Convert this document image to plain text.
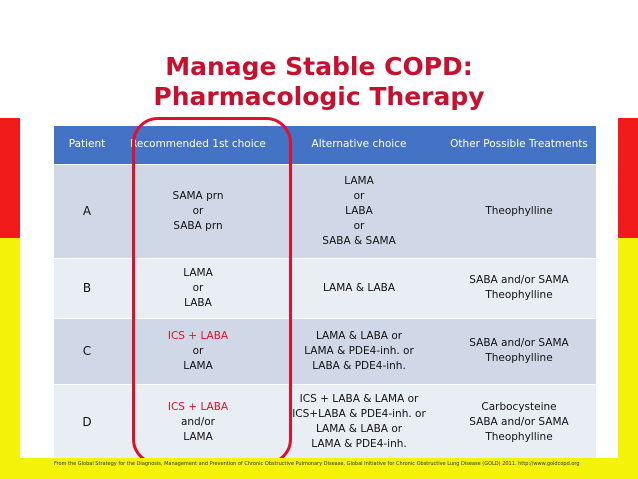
Manage Stable COPD: Pharmacologic Therapy
Patient	Recommended 1st choice	Alternative choice	Other Possible Treatments
A	SAMA prn
or
SABA prn	LAMA
or
LABA
or
SABA & SAMA	Theophylline

B	LAMA
or
LABA	LAMA & LABA	SABA and/or SAMA
Theophylline

C	ICS + LABA
or
LAMA	LAMA & LABA or
LAMA & PDE4-inh. or
LABA & PDE4-inh.	SABA and/or SAMA
Theophylline

D	ICS + LABA
and/or
LAMA	ICS + LABA & LAMA or
ICS+LABA & PDE4-inh. or
LAMA & LABA or
LAMA & PDE4-inh.	Carbocysteine
SABA and/or SAMA
Theophylline
From the Global Strategy for the Diagnosis, Management and Prevention of Chronic Obstructive Pulmonary Disease, Global Initiative for Chronic Obstructive Lung Disease (GOLD) 2011. http://www.goldcopd.org
